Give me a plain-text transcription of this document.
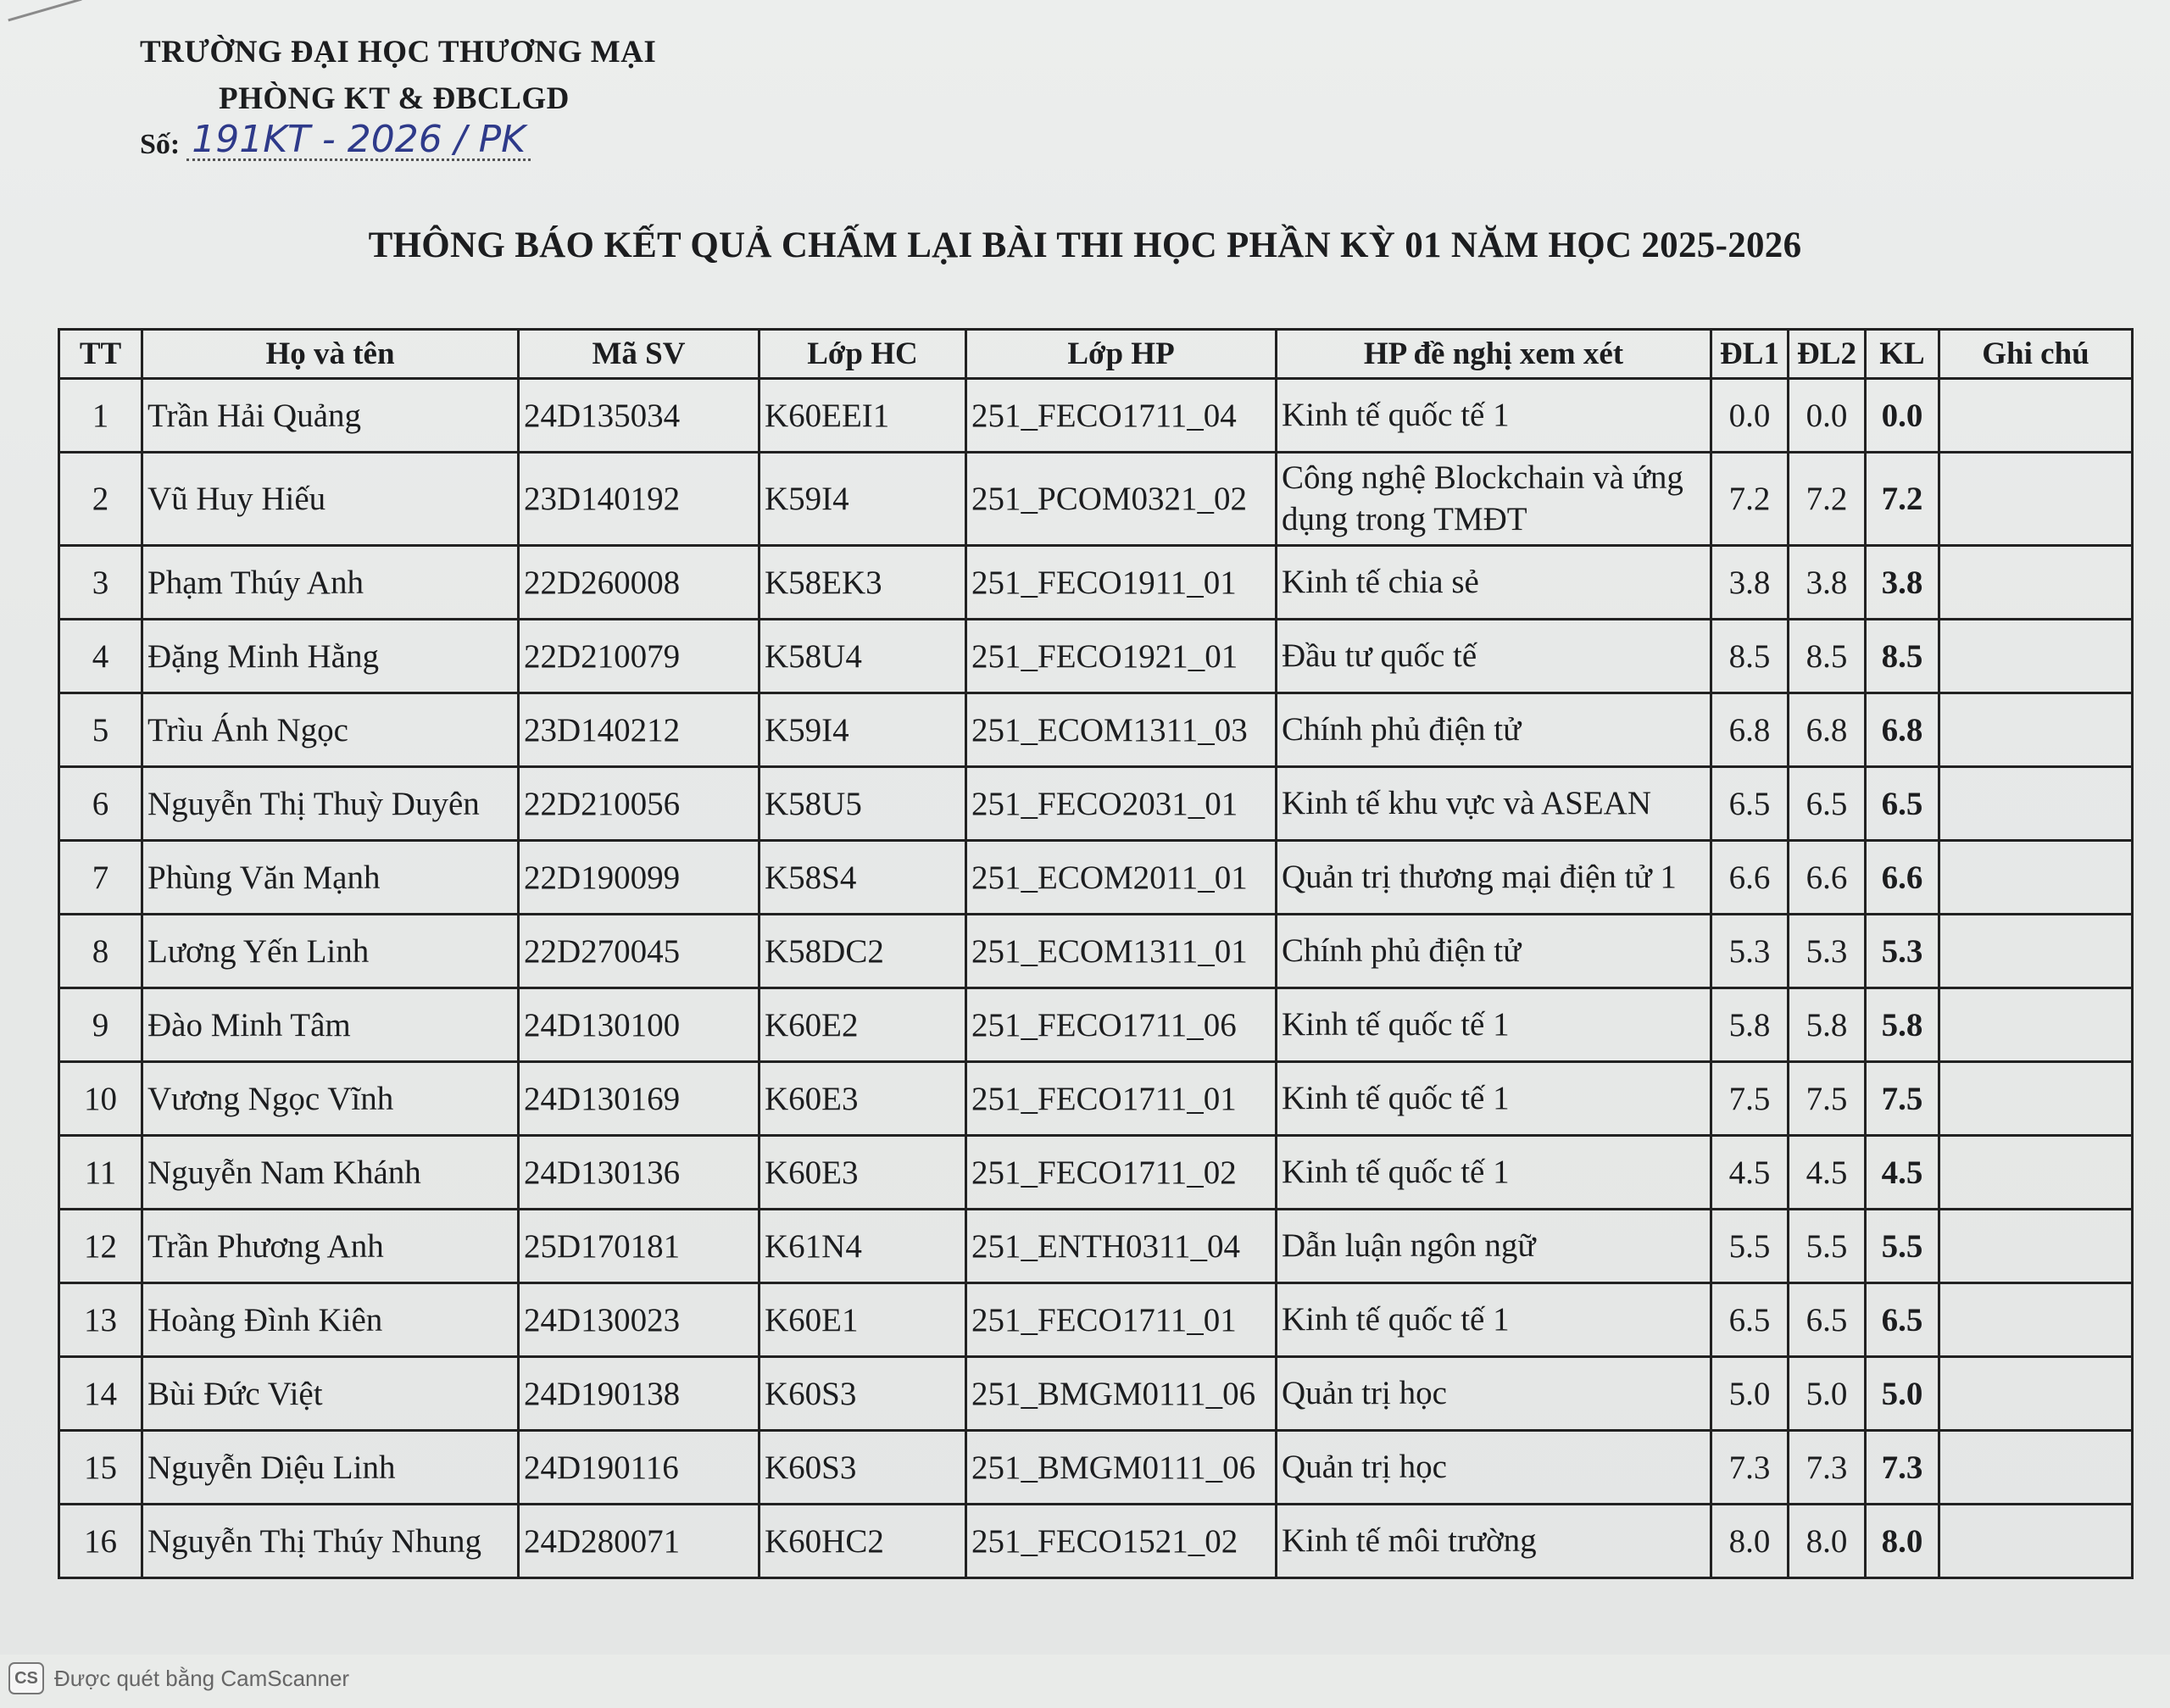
TRƯỜNG ĐẠI HỌC THƯƠNG MẠI
PHÒNG KT & ĐBCLGD
Số: 191KT - 2026 / PK
THÔNG BÁO KẾT QUẢ CHẤM LẠI BÀI THI HỌC PHẦN KỲ 01 NĂM HỌC 2025-2026
TT	Họ và tên	Mã SV	Lớp HC	Lớp HP	HP đề nghị xem xét	ĐL1	ĐL2	KL	Ghi chú
1	Trần Hải Quảng	24D135034	K60EEI1	251_FECO1711_04	Kinh tế quốc tế 1	0.0	0.0	0.0	
2	Vũ Huy Hiếu	23D140192	K59I4	251_PCOM0321_02	Công nghệ Blockchain và ứng dụng trong TMĐT	7.2	7.2	7.2	
3	Phạm Thúy Anh	22D260008	K58EK3	251_FECO1911_01	Kinh tế chia sẻ	3.8	3.8	3.8	
4	Đặng Minh Hằng	22D210079	K58U4	251_FECO1921_01	Đầu tư quốc tế	8.5	8.5	8.5	
5	Trìu Ánh Ngọc	23D140212	K59I4	251_ECOM1311_03	Chính phủ điện tử	6.8	6.8	6.8	
6	Nguyễn Thị Thuỳ Duyên	22D210056	K58U5	251_FECO2031_01	Kinh tế khu vực và ASEAN	6.5	6.5	6.5	
7	Phùng Văn Mạnh	22D190099	K58S4	251_ECOM2011_01	Quản trị thương mại điện tử 1	6.6	6.6	6.6	
8	Lương Yến Linh	22D270045	K58DC2	251_ECOM1311_01	Chính phủ điện tử	5.3	5.3	5.3	
9	Đào Minh Tâm	24D130100	K60E2	251_FECO1711_06	Kinh tế quốc tế 1	5.8	5.8	5.8	
10	Vương Ngọc Vĩnh	24D130169	K60E3	251_FECO1711_01	Kinh tế quốc tế 1	7.5	7.5	7.5	
11	Nguyễn Nam Khánh	24D130136	K60E3	251_FECO1711_02	Kinh tế quốc tế 1	4.5	4.5	4.5	
12	Trần Phương Anh	25D170181	K61N4	251_ENTH0311_04	Dẫn luận ngôn ngữ	5.5	5.5	5.5	
13	Hoàng Đình Kiên	24D130023	K60E1	251_FECO1711_01	Kinh tế quốc tế 1	6.5	6.5	6.5	
14	Bùi Đức Việt	24D190138	K60S3	251_BMGM0111_06	Quản trị học	5.0	5.0	5.0	
15	Nguyễn Diệu Linh	24D190116	K60S3	251_BMGM0111_06	Quản trị học	7.3	7.3	7.3	
16	Nguyễn Thị Thúy Nhung	24D280071	K60HC2	251_FECO1521_02	Kinh tế môi trường	8.0	8.0	8.0	
CS Được quét bằng CamScanner
